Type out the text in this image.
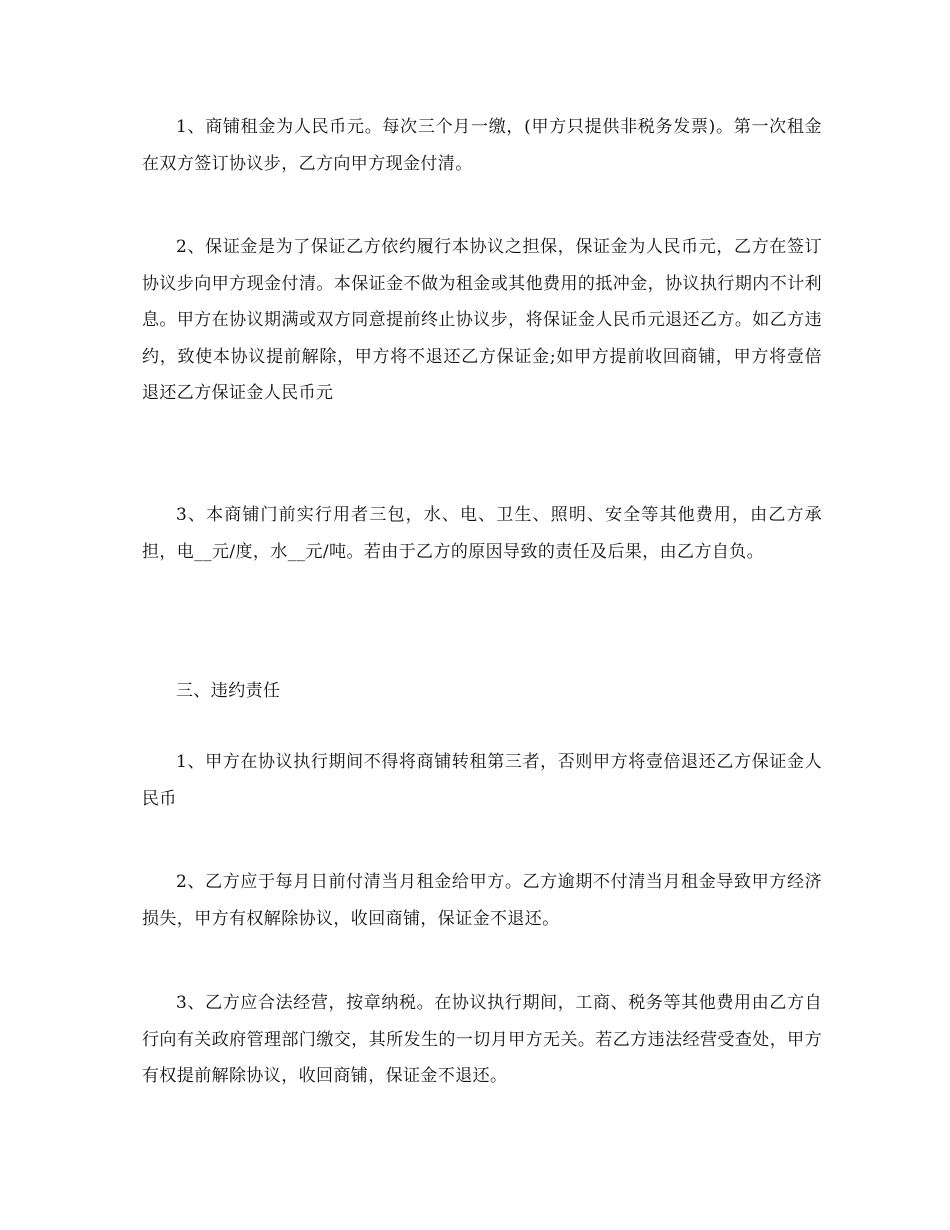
1、商铺租金为人民币元。每次三个月一缴，(甲方只提供非税务发票)。第一次租金在双方签订协议步，乙方向甲方现金付清。

2、保证金是为了保证乙方依约履行本协议之担保，保证金为人民币元，乙方在签订协议步向甲方现金付清。本保证金不做为租金或其他费用的抵冲金，协议执行期内不计利息。甲方在协议期满或双方同意提前终止协议步，将保证金人民币元退还乙方。如乙方违约，致使本协议提前解除，甲方将不退还乙方保证金;如甲方提前收回商铺，甲方将壹倍退还乙方保证金人民币元

3、本商铺门前实行用者三包，水、电、卫生、照明、安全等其他费用，由乙方承担，电__元/度，水__元/吨。若由于乙方的原因导致的责任及后果，由乙方自负。

三、违约责任

1、甲方在协议执行期间不得将商铺转租第三者，否则甲方将壹倍退还乙方保证金人民币

2、乙方应于每月日前付清当月租金给甲方。乙方逾期不付清当月租金导致甲方经济损失，甲方有权解除协议，收回商铺，保证金不退还。

3、乙方应合法经营，按章纳税。在协议执行期间，工商、税务等其他费用由乙方自行向有关政府管理部门缴交，其所发生的一切月甲方无关。若乙方违法经营受查处，甲方有权提前解除协议，收回商铺，保证金不退还。
